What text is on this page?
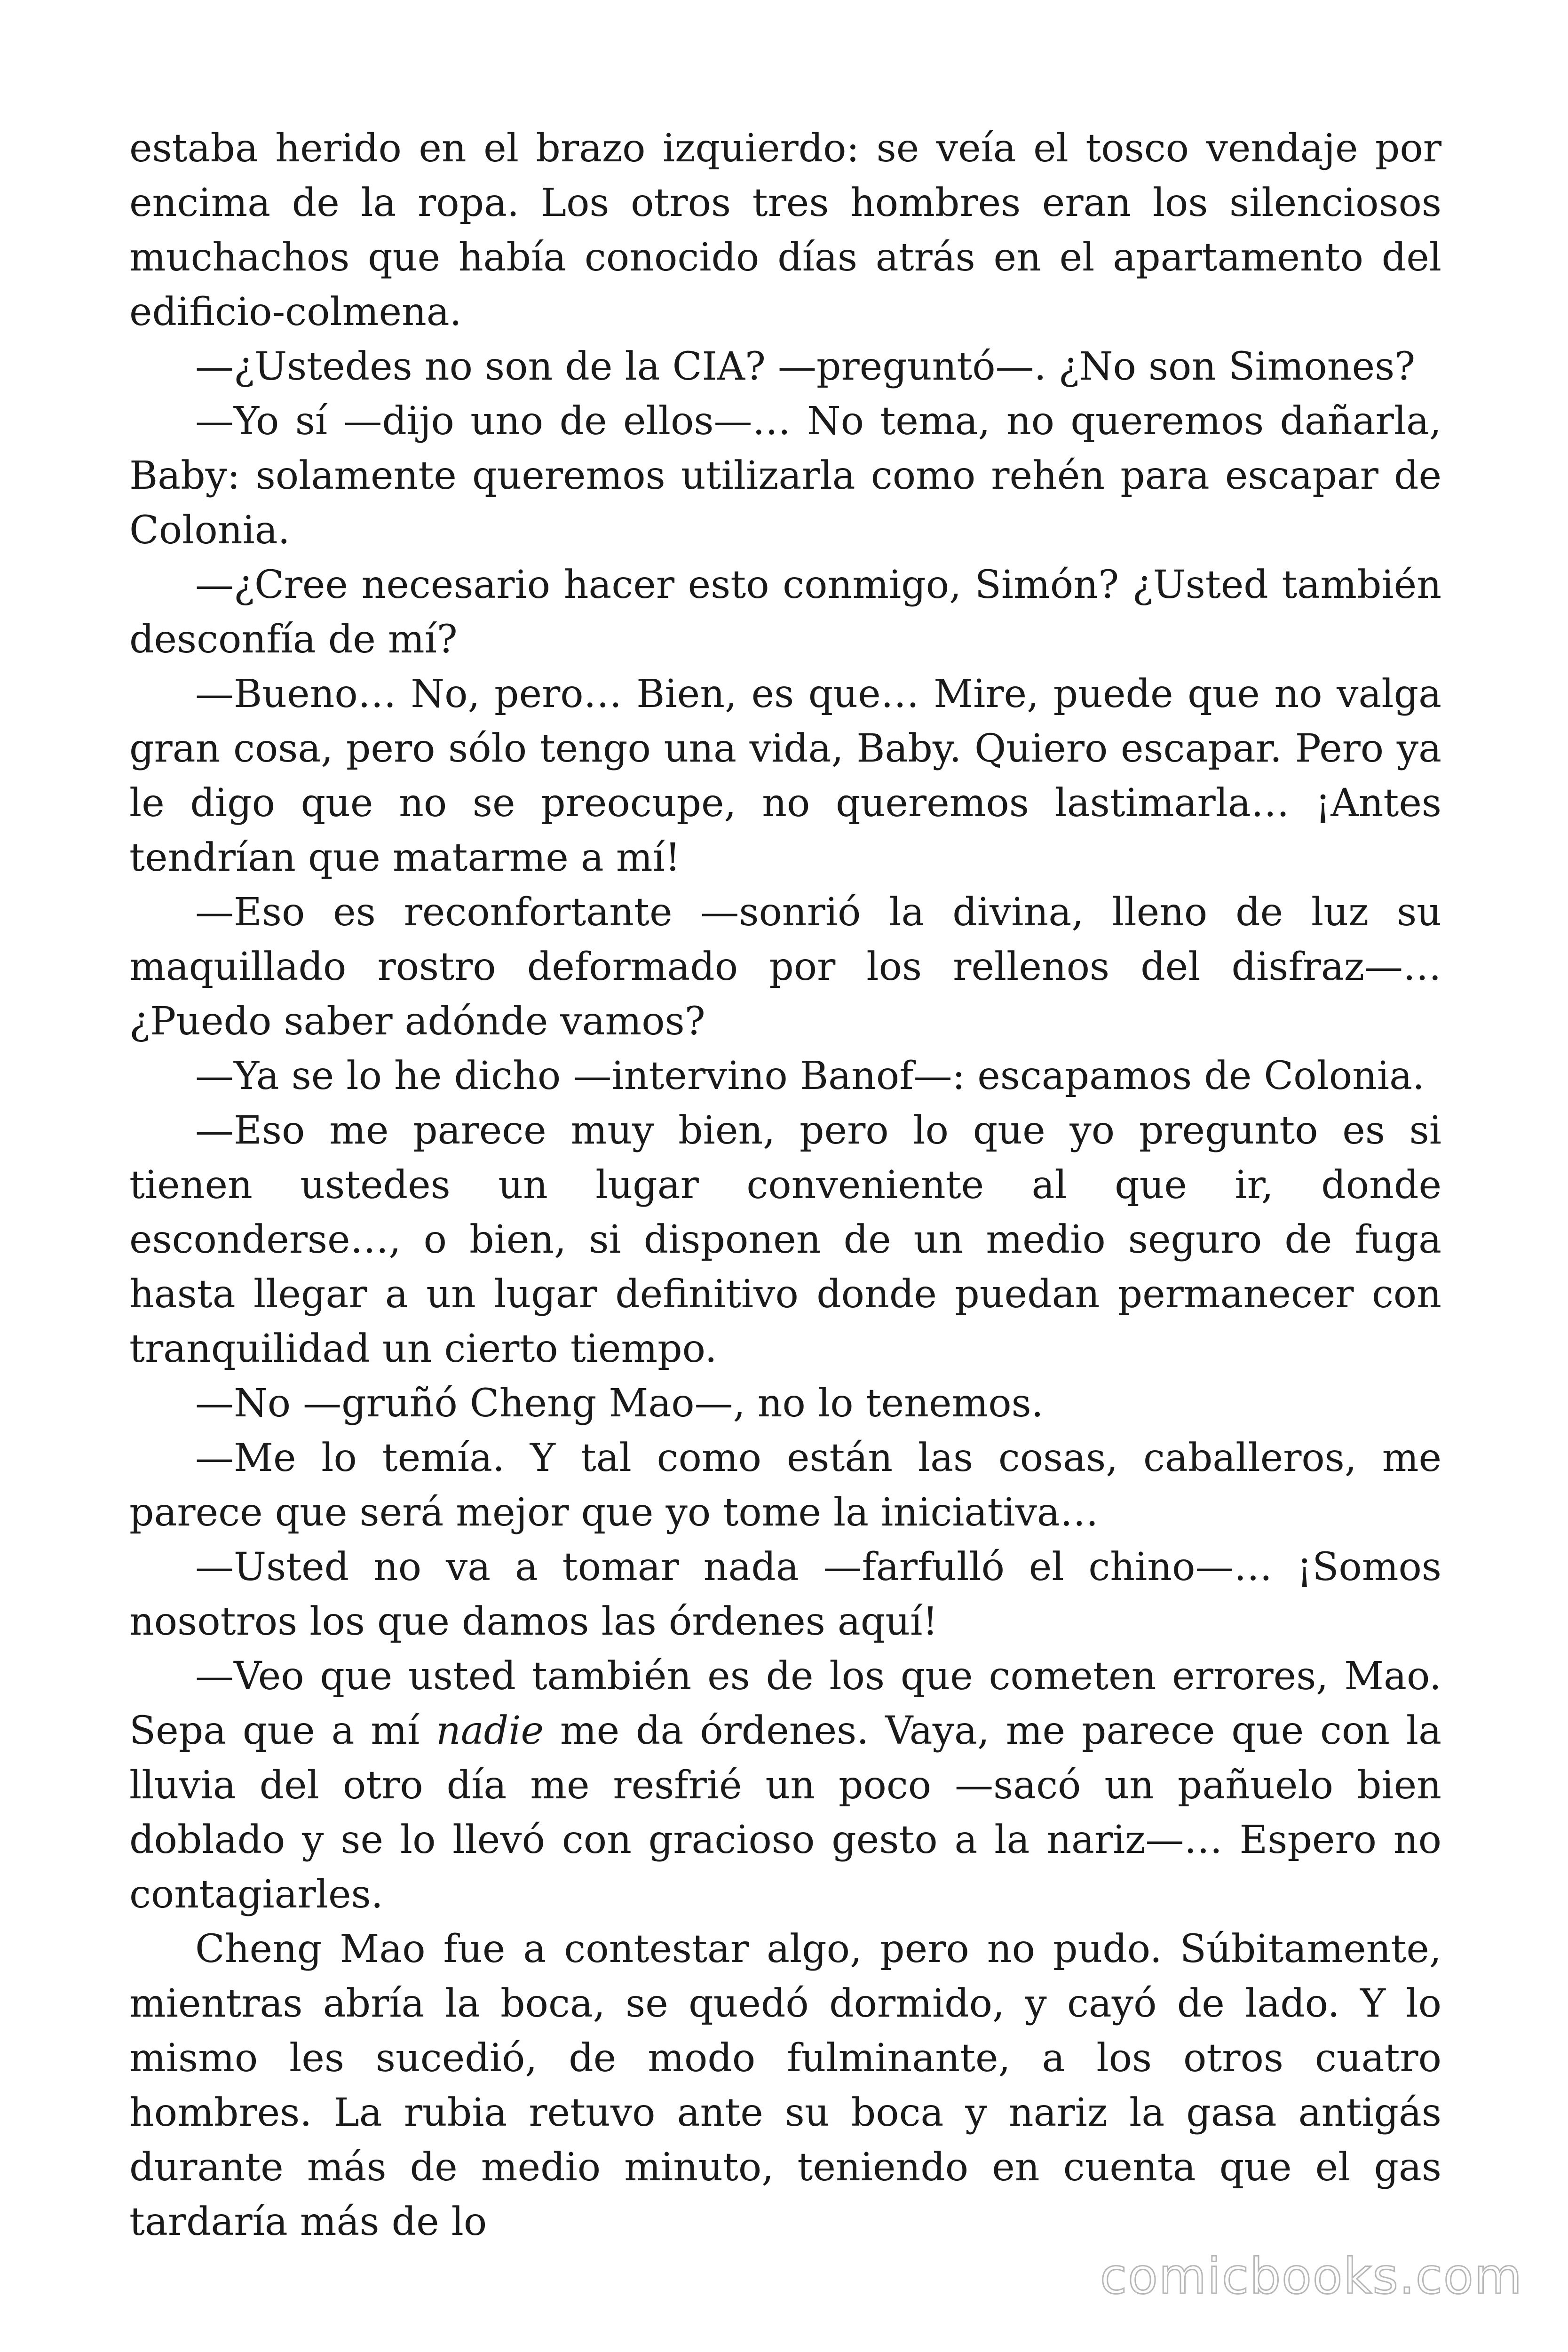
estaba herido en el brazo izquierdo: se veía el tosco vendaje por encima de la ropa. Los otros tres hombres eran los silenciosos muchachos que había conocido días atrás en el apartamento del edificio-colmena.

—¿Ustedes no son de la CIA? —preguntó—. ¿No son Simones?

—Yo sí —dijo uno de ellos—… No tema, no queremos dañarla, Baby: solamente queremos utilizarla como rehén para escapar de Colonia.

—¿Cree necesario hacer esto conmigo, Simón? ¿Usted también desconfía de mí?

—Bueno… No, pero… Bien, es que… Mire, puede que no valga gran cosa, pero sólo tengo una vida, Baby. Quiero escapar. Pero ya le digo que no se preocupe, no queremos lastimarla… ¡Antes tendrían que matarme a mí!

—Eso es reconfortante —sonrió la divina, lleno de luz su maquillado rostro deformado por los rellenos del disfraz—… ¿Puedo saber adónde vamos?

—Ya se lo he dicho —intervino Banof—: escapamos de Colonia.

—Eso me parece muy bien, pero lo que yo pregunto es si tienen ustedes un lugar conveniente al que ir, donde esconderse…, o bien, si disponen de un medio seguro de fuga hasta llegar a un lugar definitivo donde puedan permanecer con tranquilidad un cierto tiempo.

—No —gruñó Cheng Mao—, no lo tenemos.

—Me lo temía. Y tal como están las cosas, caballeros, me parece que será mejor que yo tome la iniciativa…

—Usted no va a tomar nada —farfulló el chino—… ¡Somos nosotros los que damos las órdenes aquí!

—Veo que usted también es de los que cometen errores, Mao. Sepa que a mí nadie me da órdenes. Vaya, me parece que con la lluvia del otro día me resfrié un poco —sacó un pañuelo bien doblado y se lo llevó con gracioso gesto a la nariz—… Espero no contagiarles.

Cheng Mao fue a contestar algo, pero no pudo. Súbitamente, mientras abría la boca, se quedó dormido, y cayó de lado. Y lo mismo les sucedió, de modo fulminante, a los otros cuatro hombres. La rubia retuvo ante su boca y nariz la gasa antigás durante más de medio minuto, teniendo en cuenta que el gas tardaría más de lo

comicbooks.com
